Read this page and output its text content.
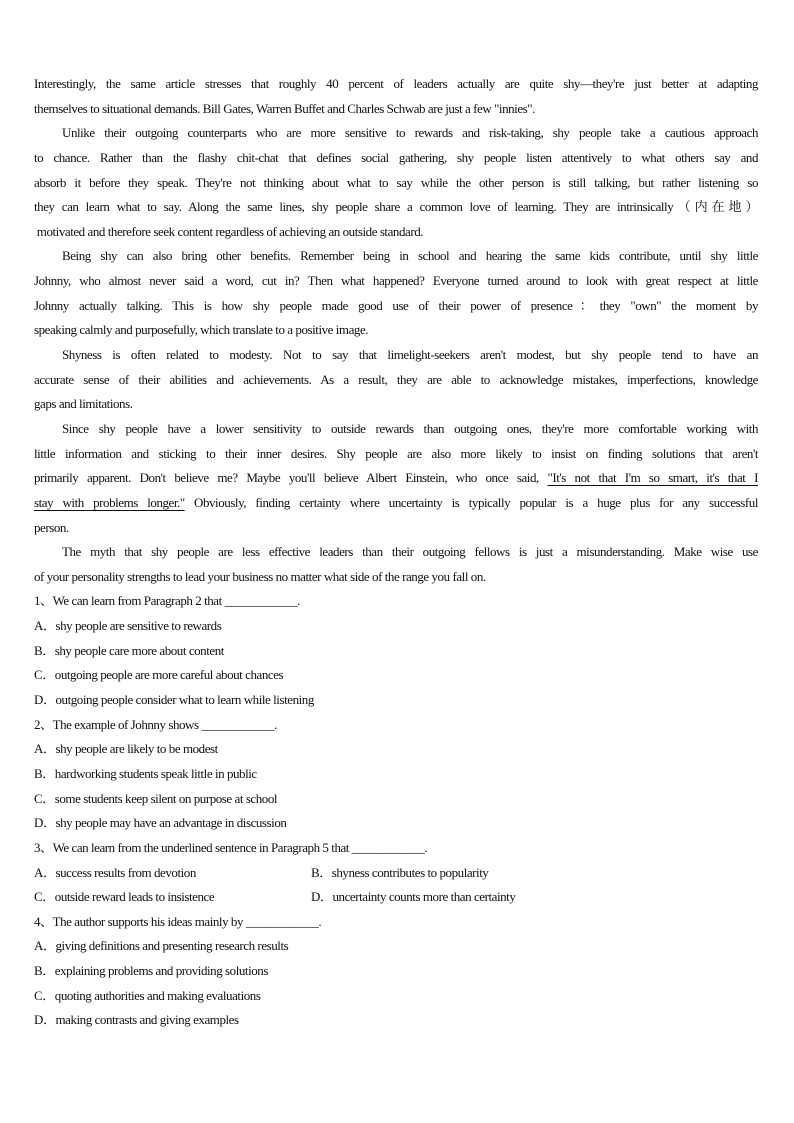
Interestingly, the same article stresses that roughly 40 percent of leaders actually are quite shy—they're just better at adapting
themselves to situational demands. Bill Gates, Warren Buffet and Charles Schwab are just a few "innies".
Unlike their outgoing counterparts who are more sensitive to rewards and risk-taking, shy people take a cautious approach
to chance. Rather than the flashy chit-chat that defines social gathering, shy people listen attentively to what others say and
absorb it before they speak. They're not thinking about what to say while the other person is still talking, but rather listening so
they can learn what to say. Along the same lines, shy people share a common love of learning. They are intrinsically（内在地）
motivated and therefore seek content regardless of achieving an outside standard.
Being shy can also bring other benefits. Remember being in school and hearing the same kids contribute, until shy little
Johnny, who almost never said a word, cut in? Then what happened? Everyone turned around to look with great respect at little
Johnny actually talking. This is how shy people made good use of their power of presence：they "own" the moment by
speaking calmly and purposefully, which translate to a positive image.
Shyness is often related to modesty. Not to say that limelight-seekers aren't modest, but shy people tend to have an
accurate sense of their abilities and achievements. As a result, they are able to acknowledge mistakes, imperfections, knowledge
gaps and limitations.
Since shy people have a lower sensitivity to outside rewards than outgoing ones, they're more comfortable working with
little information and sticking to their inner desires. Shy people are also more likely to insist on finding solutions that aren't
primarily apparent. Don't believe me? Maybe you'll believe Albert Einstein, who once said, "It's not that I'm so smart, it's that I
stay with problems longer." Obviously, finding certainty where uncertainty is typically popular is a huge plus for any successful
person.
The myth that shy people are less effective leaders than their outgoing fellows is just a misunderstanding. Make wise use
of your personality strengths to lead your business no matter what side of the range you fall on.
1、We can learn from Paragraph 2 that ____________.
A．shy people are sensitive to rewards
B．shy people care more about content
C．outgoing people are more careful about chances
D．outgoing people consider what to learn while listening
2、The example of Johnny shows ____________.
A．shy people are likely to be modest
B．hardworking students speak little in public
C．some students keep silent on purpose at school
D．shy people may have an advantage in discussion
3、We can learn from the underlined sentence in Paragraph 5 that ____________.
A．success results from devotion	B．shyness contributes to popularity
C．outside reward leads to insistence	D．uncertainty counts more than certainty
4、The author supports his ideas mainly by ____________.
A．giving definitions and presenting research results
B．explaining problems and providing solutions
C．quoting authorities and making evaluations
D．making contrasts and giving examples
